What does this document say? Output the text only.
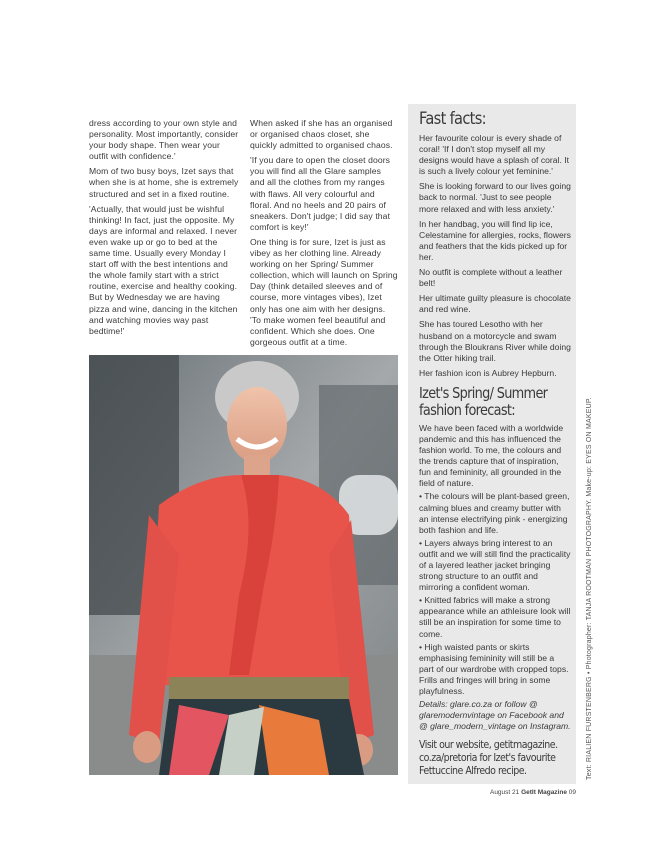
dress according to your own style and personality. Most importantly, consider your body shape. Then wear your outfit with confidence.'

Mom of two busy boys, Izet says that when she is at home, she is extremely structured and set in a fixed routine.

'Actually, that would just be wishful thinking! In fact, just the opposite. My days are informal and relaxed. I never even wake up or go to bed at the same time. Usually every Monday I start off with the best intentions and the whole family start with a strict routine, exercise and healthy cooking. But by Wednesday we are having pizza and wine, dancing in the kitchen and watching movies way past bedtime!'

When asked if she has an organised or organised chaos closet, she quickly admitted to organised chaos.

'If you dare to open the closet doors you will find all the Glare samples and all the clothes from my ranges with flaws. All very colourful and floral. And no heels and 20 pairs of sneakers. Don't judge; I did say that comfort is key!'

One thing is for sure, Izet is just as vibey as her clothing line. Already working on her Spring/ Summer collection, which will launch on Spring Day (think detailed sleeves and of course, more vintages vibes), Izet only has one aim with her designs. 'To make women feel beautiful and confident. Which she does. One gorgeous outfit at a time.

Fast facts:

Her favourite colour is every shade of coral! 'If I don't stop myself all my designs would have a splash of coral. It is such a lively colour yet feminine.'

She is looking forward to our lives going back to normal. 'Just to see people more relaxed and with less anxiety.'

In her handbag, you will find lip ice, Celestamine for allergies, rocks, flowers and feathers that the kids picked up for her.

No outfit is complete without a leather belt!

Her ultimate guilty pleasure is chocolate and red wine.

She has toured Lesotho with her husband on a motorcycle and swam through the Bloukrans River while doing the Otter hiking trail.

Her fashion icon is Aubrey Hepburn.

Izet's Spring/ Summer fashion forecast:

We have been faced with a worldwide pandemic and this has influenced the fashion world. To me, the colours and the trends capture that of inspiration, fun and femininity, all grounded in the field of nature.

• The colours will be plant-based green, calming blues and creamy butter with an intense electrifying pink - energizing both fashion and life.

• Layers always bring interest to an outfit and we will still find the practicality of a layered leather jacket bringing strong structure to an outfit and mirroring a confident woman.

• Knitted fabrics will make a strong appearance while an athleisure look will still be an inspiration for some time to come.

• High waisted pants or skirts emphasising femininity will still be a part of our wardrobe with cropped tops. Frills and fringes will bring in some playfulness.

Details: glare.co.za or follow @ glaremodernvintage on Facebook and @ glare_modern_vintage on Instagram.

Visit our website, getitmagazine. co.za/pretoria for Izet's favourite Fettuccine Alfredo recipe.	Text: RIALIEN FURSTENBERG • Photographer: TANJA ROOTMAN PHOTOGRAPHY. Make-up: EYES ON MAKEUP.
August 21 GetIt Magazine 09
